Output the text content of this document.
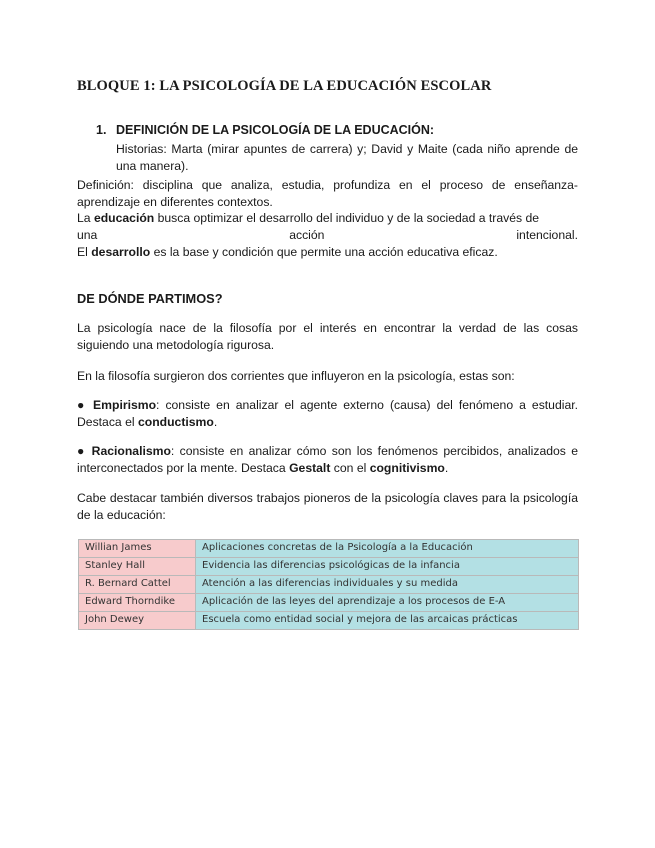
BLOQUE 1: LA PSICOLOGÍA DE LA EDUCACIÓN ESCOLAR
1. DEFINICIÓN DE LA PSICOLOGÍA DE LA EDUCACIÓN:

Historias: Marta (mirar apuntes de carrera) y; David y Maite (cada niño aprende de una manera).

Definición: disciplina que analiza, estudia, profundiza en el proceso de enseñanza-aprendizaje en diferentes contextos.

La educación busca optimizar el desarrollo del individuo y de la sociedad a través de
una	acción	intencional.
El desarrollo es la base y condición que permite una acción educativa eficaz.
DE DÓNDE PARTIMOS?

La psicología nace de la filosofía por el interés en encontrar la verdad de las cosas siguiendo una metodología rigurosa.

En la filosofía surgieron dos corrientes que influyeron en la psicología, estas son:

● Empirismo: consiste en analizar el agente externo (causa) del fenómeno a estudiar. Destaca el conductismo.

● Racionalismo: consiste en analizar cómo son los fenómenos percibidos, analizados e interconectados por la mente. Destaca Gestalt con el cognitivismo.

Cabe destacar también diversos trabajos pioneros de la psicología claves para la psicología de la educación:

Willian James	Aplicaciones concretas de la Psicología a la Educación
Stanley Hall	Evidencia las diferencias psicológicas de la infancia
R. Bernard Cattel	Atención a las diferencias individuales y su medida
Edward Thorndike	Aplicación de las leyes del aprendizaje a los procesos de E-A
John Dewey	Escuela como entidad social y mejora de las arcaicas prácticas
